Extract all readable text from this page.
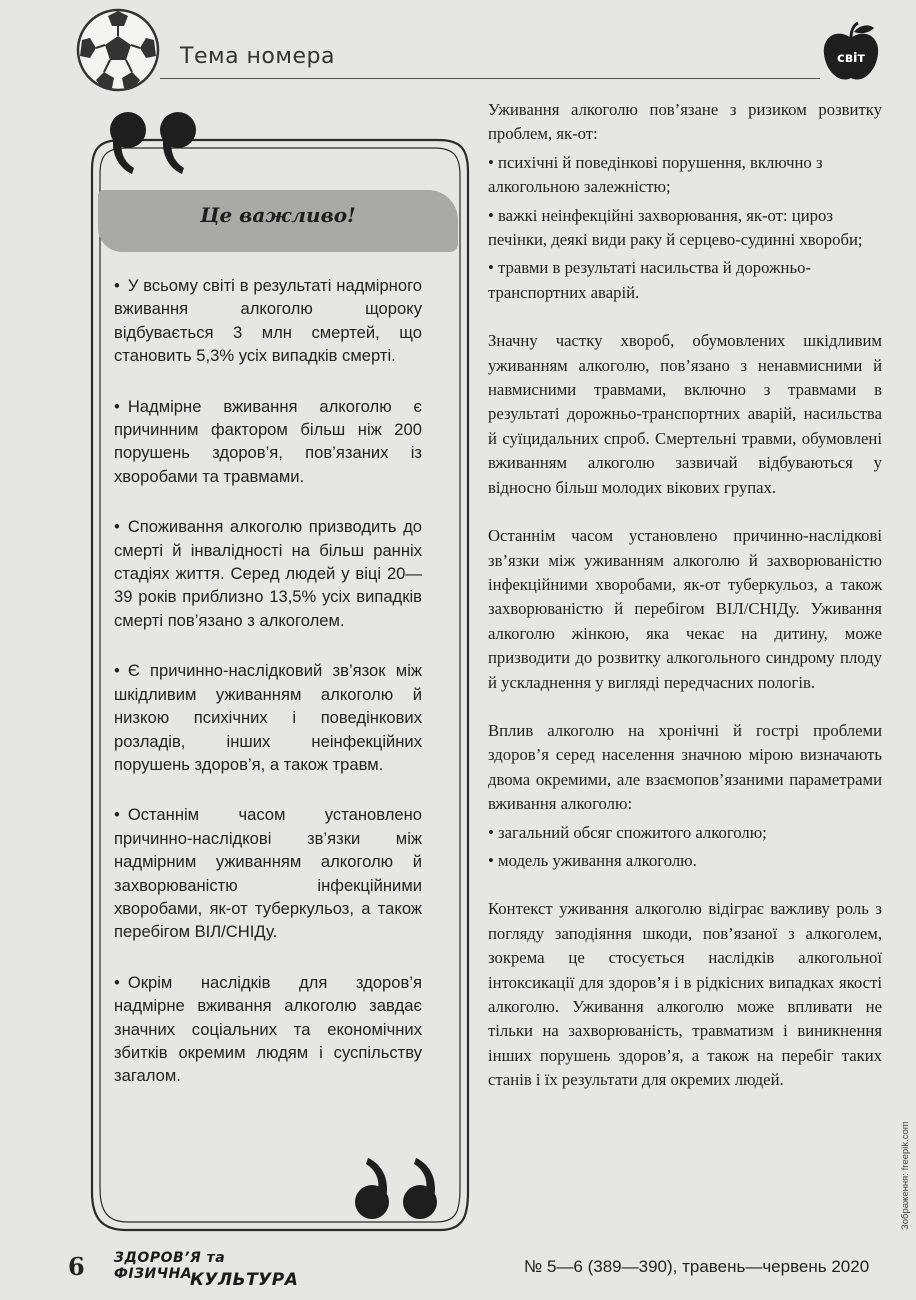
Тема номера	світ
Це важливо!
• У всьому світі в результаті надмірного вживання алкоголю щороку відбувається 3 млн смертей, що становить 5,3% усіх випадків смерті.
• Надмірне вживання алкоголю є причинним фактором більш ніж 200 порушень здоров’я, пов’язаних із хворобами та травмами.
• Споживання алкоголю призводить до смерті й інвалідності на більш ранніх стадіях життя. Серед людей у віці 20—39 років приблизно 13,5% усіх випадків смерті пов’язано з алкоголем.
• Є причинно-наслідковий зв’язок між шкідливим уживанням алкоголю й низкою психічних і поведінкових розладів, інших неінфекційних порушень здоров’я, а також травм.
• Останнім часом установлено причинно-наслідкові зв’язки між надмірним уживанням алкоголю й захворюваністю інфекційними хворобами, як-от туберкульоз, а також перебігом ВІЛ/СНІДу.
• Окрім наслідків для здоров’я надмірне вживання алкоголю завдає значних соціальних та економічних збитків окремим людям і суспільству загалом.
Уживання алкоголю пов’язане з ризиком розвитку проблем, як-от:
• психічні й поведінкові порушення, включно з алкогольною залежністю;
• важкі неінфекційні захворювання, як-от: цироз печінки, деякі види раку й серцево-судинні хвороби;
• травми в результаті насильства й дорожньо-транспортних аварій.

Значну частку хвороб, обумовлених шкідливим уживанням алкоголю, пов’язано з ненавмисними й навмисними травмами, включно з травмами в результаті дорожньо-транспортних аварій, насильства й суїцидальних спроб. Смертельні травми, обумовлені вживанням алкоголю зазвичай відбуваються у відносно більш молодих вікових групах.

Останнім часом установлено причинно-наслідкові зв’язки між уживанням алкоголю й захворюваністю інфекційними хворобами, як-от туберкульоз, а також захворюваністю й перебігом ВІЛ/СНІДу. Уживання алкоголю жінкою, яка чекає на дитину, може призводити до розвитку алкогольного синдрому плоду й ускладнення у вигляді передчасних пологів.

Вплив алкоголю на хронічні й гострі проблеми здоров’я серед населення значною мірою визначають двома окремими, але взаємопов’язаними параметрами вживання алкоголю:
• загальний обсяг спожитого алкоголю;
• модель уживання алкоголю.

Контекст уживання алкоголю відіграє важливу роль з погляду заподіяння шкоди, пов’язаної з алкоголем, зокрема це стосується наслідків алкогольної інтоксикації для здоров’я і в рідкісних випадках якості алкоголю. Уживання алкоголю може впливати не тільки на захворюваність, травматизм і виникнення інших порушень здоров’я, а також на перебіг таких станів і їх результати для окремих людей.

6 ЗДОРОВ’Я та ФІЗИЧНА
КУЛЬТУРА
№ 5—6 (389—390), травень—червень 2020
Зображення: freepik.com
